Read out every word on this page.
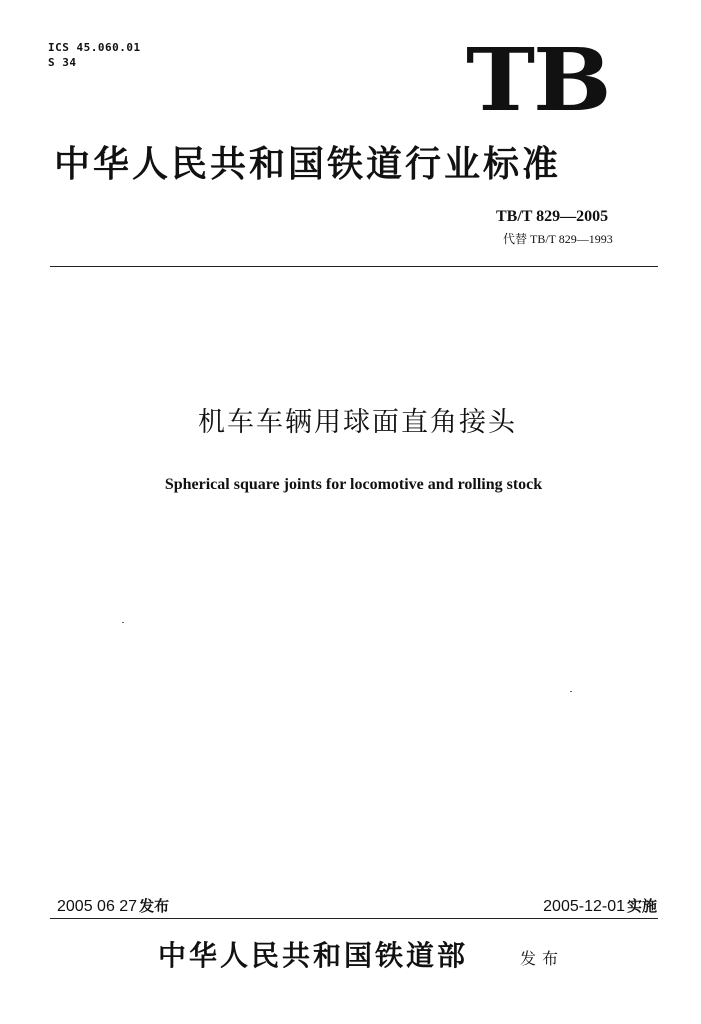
ICS 45.060.01
S 34	TB
中华人民共和国铁道行业标准
TB/T 829—2005
代替 TB/T 829—1993
机车车辆用球面直角接头
Spherical square joints for locomotive and rolling stock
2005 06 27 发布	2005-12-01 实施
中华人民共和国铁道部	发布
